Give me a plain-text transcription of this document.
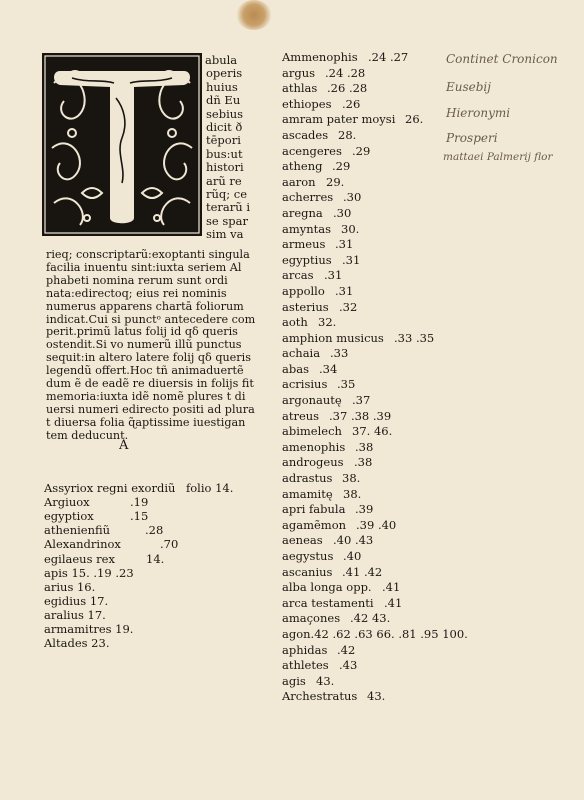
abula
operis
huius
dñ Eu
sebius
dicit ð
tēpori
bus:ut
histori
arũ re
rũq; ce
terarũ i
se spar
sim va
rieq; conscriptarũ:exoptanti singula
facilia inuentu sint:iuxta seriem Al
phabeti nomina rerum sunt ordi
nata:edirectoq; eius rei nominis
numerus apparens chartā foliorum
indicat.Cui si punctᵒ antecedere com
perit.primũ latus folij id qδ queris
ostendit.Si vo numerũ illũ punctus
sequit:in altero latere folij qδ queris
legendũ offert.Hoc tñ animaduertẽ
dum ẽ de eadẽ re diuersis in folijs fit
memoria:iuxta idẽ nomẽ plures t di
uersi numeri edirecto positi ad plura
t diuersa folia ɋ̃aptissime iuestigan
tem deducunt.
A
Assyriox regni exordiũ folio 14.
Argiuox	.19
egyptiox	.15
athenienfiũ	.28
Alexandrinox	.70
egilaeus rex	14.
apis 15. .19 .23
arius 16.
egidius 17.
aralius 17.
armamitres 19.
Altades 23.
Ammenophis .24 .27
argus .24 .28
athlas .26 .28
ethiopes .26
amram pater moysi 26.
ascades 28.
acengeres .29
atheng .29
aaron 29.
acherres .30
aregna .30
amyntas 30.
armeus .31
egyptius .31
arcas .31
appollo .31
asterius .32
aoth 32.
amphion musicus .33 .35
achaia .33
abas .34
acrisius .35
argonautę .37
atreus .37 .38 .39
abimelech 37. 46.
amenophis .38
androgeus .38
adrastus 38.
amamitę 38.
apri fabula .39
agamẽmon .39 .40
aeneas .40 .43
aegystus .40
ascanius .41 .42
alba longa opp. .41
arca testamenti .41
amaçones .42 43.
agon.42 .62 .63 66. .81 .95 100.
aphidas .42
athletes .43
agis 43.
Archestratus 43.
Continet Cronicon
Eusebij
Hieronymi
Prosperi
mattaei Palmerij flor
